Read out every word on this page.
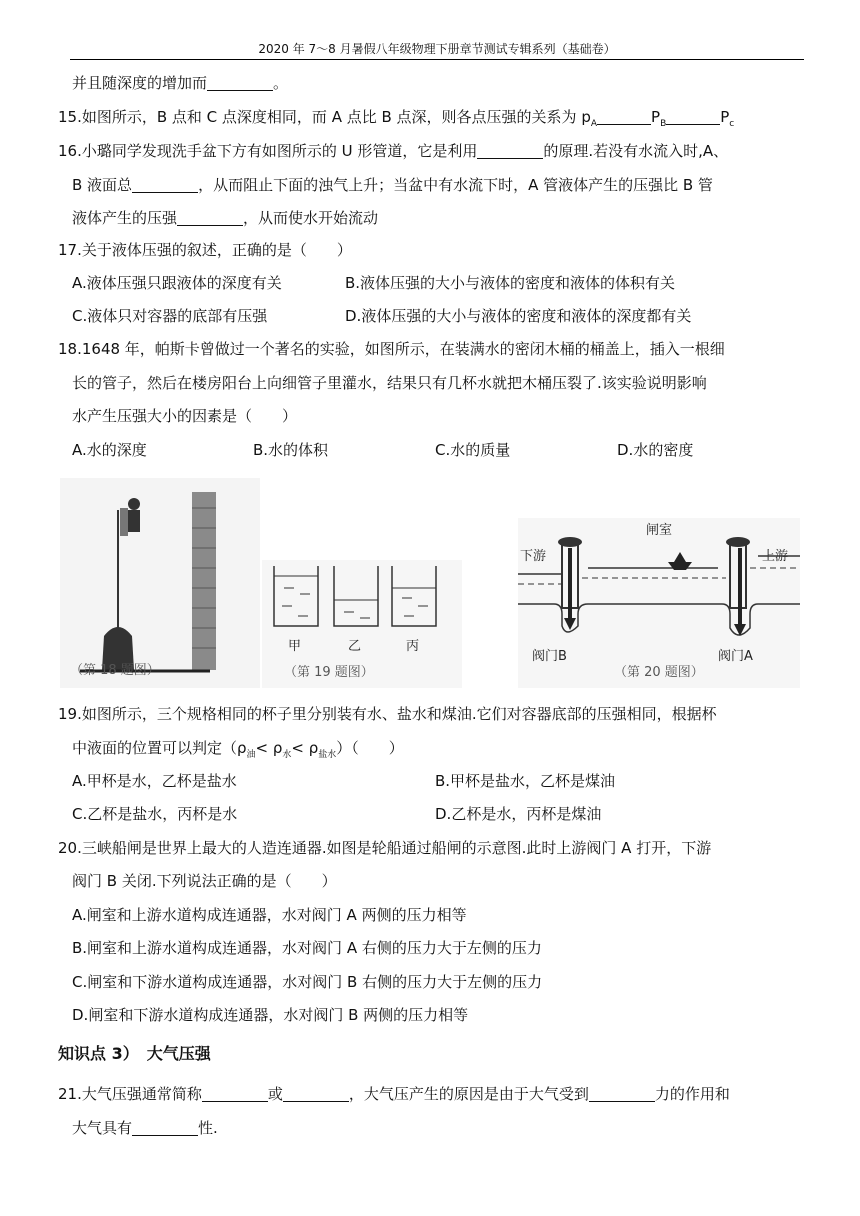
2020 年 7～8 月暑假八年级物理下册章节测试专辑系列（基础卷）
并且随深度的增加而	。
15.如图所示，B 点和 C 点深度相同，而 A 点比 B 点深，则各点压强的关系为 $p_A$	$P_B$	$P_c$
16.小璐同学发现洗手盆下方有如图所示的 U 形管道，它是利用	的原理.若没有水流入时,A、
B 液面总	，从而阻止下面的浊气上升；当盆中有水流下时，A 管液体产生的压强比 B 管
液体产生的压强	，从而使水开始流动
17.关于液体压强的叙述，正确的是（　　）
A.液体压强只跟液体的深度有关	B.液体压强的大小与液体的密度和液体的体积有关
C.液体只对容器的底部有压强	D.液体压强的大小与液体的密度和液体的深度都有关
18.1648 年，帕斯卡曾做过一个著名的实验，如图所示，在装满水的密闭木桶的桶盖上，插入一根细
长的管子，然后在楼房阳台上向细管子里灌水，结果只有几杯水就把木桶压裂了.该实验说明影响
水产生压强大小的因素是（　　）
A.水的深度	B.水的体积	C.水的质量	D.水的密度
（第 18 题图）
甲	乙	丙
（第 19 题图）
闸室
下游	上游
阀门B	阀门A
（第 20 题图）
19.如图所示，三个规格相同的杯子里分别装有水、盐水和煤油.它们对容器底部的压强相同，根据杯
中液面的位置可以判定$(\rho_油< \rho_水< \rho_{盐水})$（　　）
A.甲杯是水，乙杯是盐水	B.甲杯是盐水，乙杯是煤油
C.乙杯是盐水，丙杯是水	D.乙杯是水，丙杯是煤油
20.三峡船闸是世界上最大的人造连通器.如图是轮船通过船闸的示意图.此时上游阀门 A 打开，下游
阀门 B 关闭.下列说法正确的是（　　）
A.闸室和上游水道构成连通器，水对阀门 A 两侧的压力相等
B.闸室和上游水道构成连通器，水对阀门 A 右侧的压力大于左侧的压力
C.闸室和下游水道构成连通器，水对阀门 B 右侧的压力大于左侧的压力
D.闸室和下游水道构成连通器，水对阀门 B 两侧的压力相等
知识点 3）　大气压强
21.大气压强通常简称	或	，大气压产生的原因是由于大气受到	力的作用和
大气具有	性.
